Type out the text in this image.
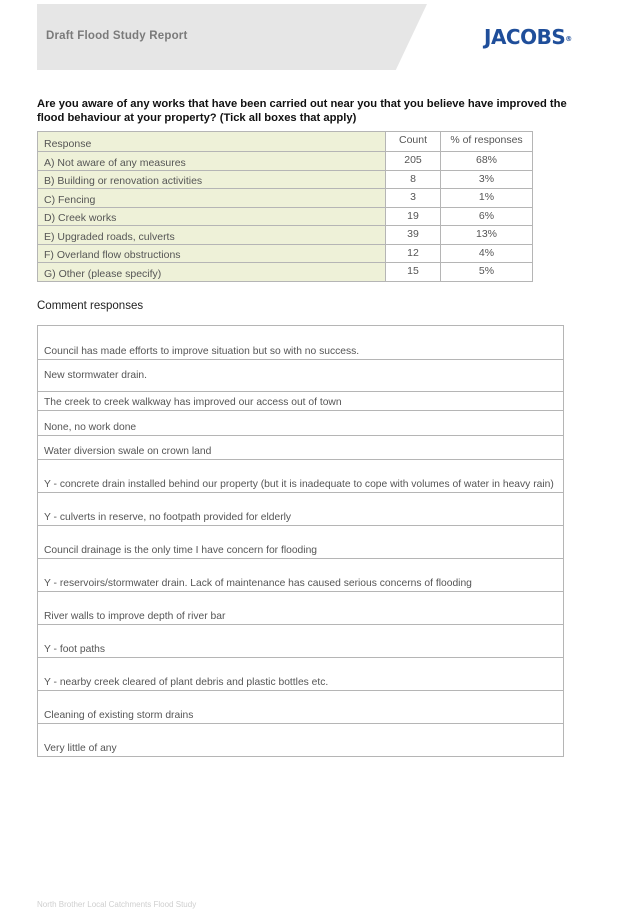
Draft Flood Study Report	JACOBS®
Are you aware of any works that have been carried out near you that you believe have improved the flood behaviour at your property? (Tick all boxes that apply)
Response	Count	% of responses
A) Not aware of any measures	205	68%
B) Building or renovation activities	8	3%
C) Fencing	3	1%
D) Creek works	19	6%
E) Upgraded roads, culverts	39	13%
F) Overland flow obstructions	12	4%
G) Other (please specify)	15	5%
Comment responses
Council has made efforts to improve situation but so with no success.
New stormwater drain.
The creek to creek walkway has improved our access out of town
None, no work done
Water diversion swale on crown land
Y - concrete drain installed behind our property (but it is inadequate to cope with volumes of water in heavy rain)
Y - culverts in reserve, no footpath provided for elderly
Council drainage is the only time I have concern for flooding
Y - reservoirs/stormwater drain. Lack of maintenance has caused serious concerns of flooding
River walls to improve depth of river bar
Y - foot paths
Y - nearby creek cleared of plant debris and plastic bottles etc.
Cleaning of existing storm drains
Very little of any
North Brother Local Catchments Flood Study
